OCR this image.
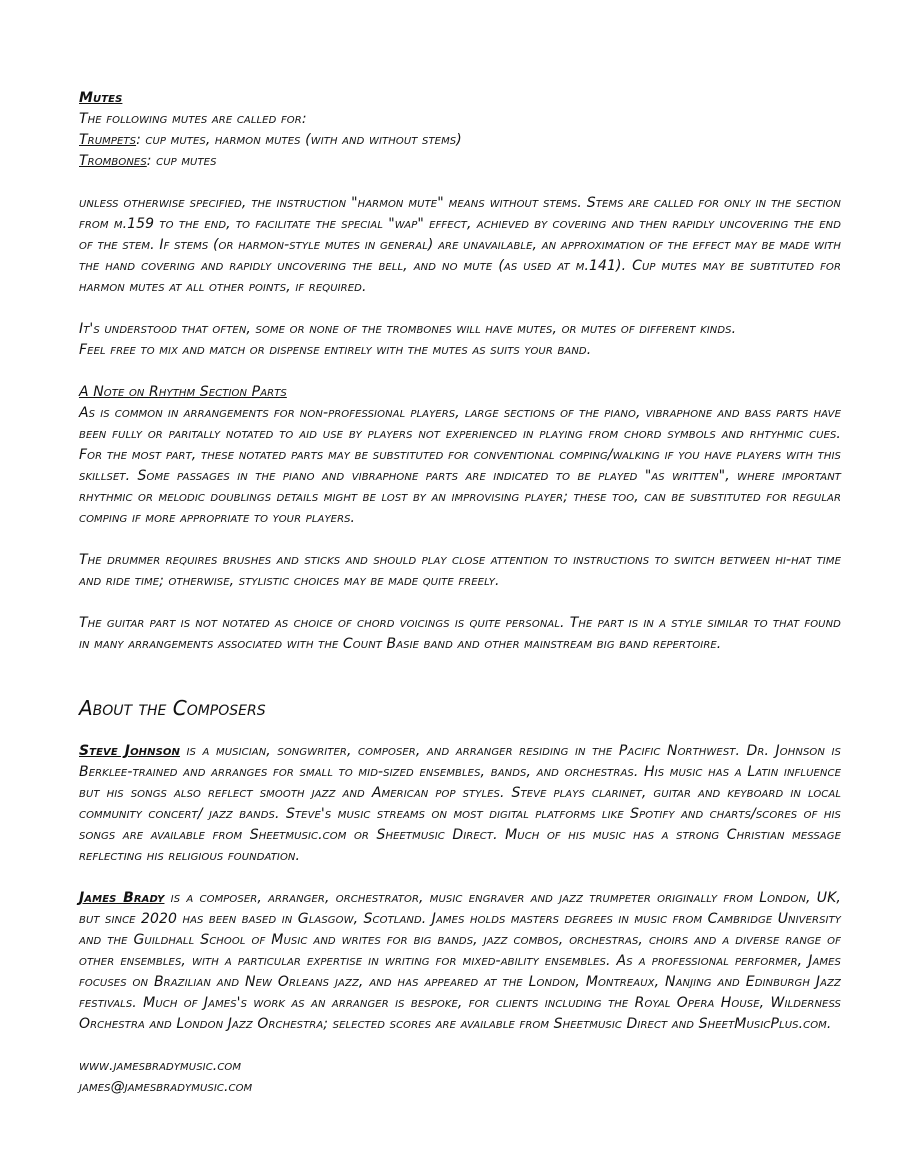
Mutes
The following mutes are called for:
Trumpets: cup mutes, harmon mutes (with and without stems)
Trombones: cup mutes
unless otherwise specified, the instruction "harmon mute" means without stems. Stems are called for only in the section from m.159 to the end, to facilitate the special "wap" effect, achieved by covering and then rapidly uncovering the end of the stem. If stems (or harmon-style mutes in general) are unavailable, an approximation of the effect may be made with the hand covering and rapidly uncovering the bell, and no mute (as used at m.141). Cup mutes may be subtituted for harmon mutes at all other points, if required.
It's understood that often, some or none of the trombones will have mutes, or mutes of different kinds.
Feel free to mix and match or dispense entirely with the mutes as suits your band.
A Note on Rhythm Section Parts
As is common in arrangements for non-professional players, large sections of the piano, vibraphone and bass parts have been fully or paritally notated to aid use by players not experienced in playing from chord symbols and rhtyhmic cues. For the most part, these notated parts may be substituted for conventional comping/walking if you have players with this skillset. Some passages in the piano and vibraphone parts are indicated to be played "as written", where important rhythmic or melodic doublings details might be lost by an improvising player; these too, can be substituted for regular comping if more appropriate to your players.
The drummer requires brushes and sticks and should play close attention to instructions to switch between hi-hat time and ride time; otherwise, stylistic choices may be made quite freely.
The guitar part is not notated as choice of chord voicings is quite personal. The part is in a style similar to that found in many arrangements associated with the Count Basie band and other mainstream big band repertoire.
About the Composers
Steve Johnson is a musician, songwriter, composer, and arranger residing in the Pacific Northwest. Dr. Johnson is Berklee-trained and arranges for small to mid-sized ensembles, bands, and orchestras. His music has a Latin influence but his songs also reflect smooth jazz and American pop styles. Steve plays clarinet, guitar and keyboard in local community concert/ jazz bands. Steve's music streams on most digital platforms like Spotify and charts/scores of his songs are available from Sheetmusic.com or Sheetmusic Direct. Much of his music has a strong Christian message reflecting his religious foundation.
James Brady is a composer, arranger, orchestrator, music engraver and jazz trumpeter originally from London, UK, but since 2020 has been based in Glasgow, Scotland. James holds masters degrees in music from Cambridge University and the Guildhall School of Music and writes for big bands, jazz combos, orchestras, choirs and a diverse range of other ensembles, with a particular expertise in writing for mixed-ability ensembles. As a professional performer, James focuses on Brazilian and New Orleans jazz, and has appeared at the London, Montreaux, Nanjing and Edinburgh Jazz festivals. Much of James's work as an arranger is bespoke, for clients including the Royal Opera House, Wilderness Orchestra and London Jazz Orchestra; selected scores are available from Sheetmusic Direct and SheetMusicPlus.com.
www.jamesbradymusic.com
james@jamesbradymusic.com
